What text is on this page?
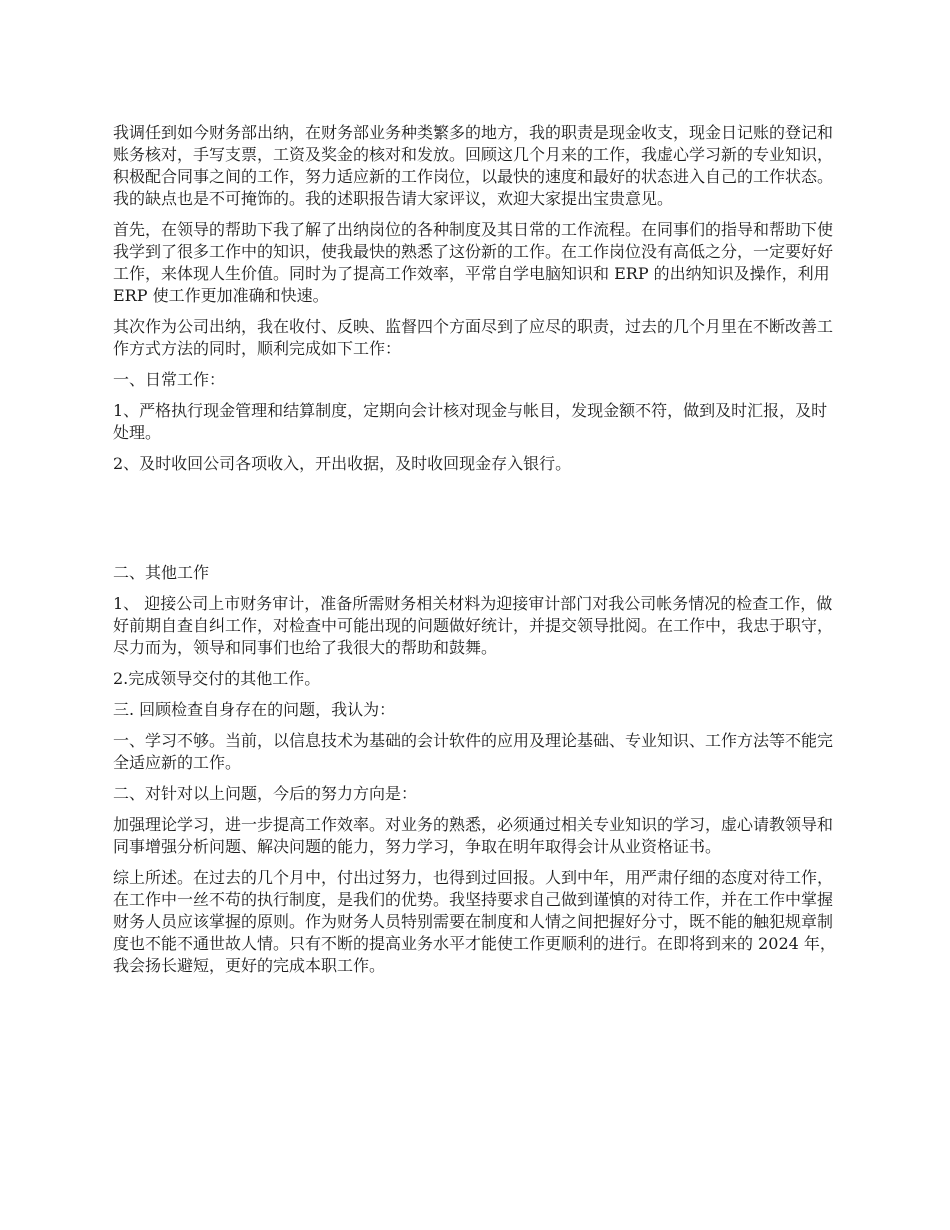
我调任到如今财务部出纳，在财务部业务种类繁多的地方，我的职责是现金收支，现金日记账的登记和账务核对，手写支票，工资及奖金的核对和发放。回顾这几个月来的工作，我虚心学习新的专业知识，积极配合同事之间的工作，努力适应新的工作岗位，以最快的速度和最好的状态进入自己的工作状态。我的缺点也是不可掩饰的。我的述职报告请大家评议，欢迎大家提出宝贵意见。

首先，在领导的帮助下我了解了出纳岗位的各种制度及其日常的工作流程。在同事们的指导和帮助下使我学到了很多工作中的知识，使我最快的熟悉了这份新的工作。在工作岗位没有高低之分，一定要好好工作，来体现人生价值。同时为了提高工作效率，平常自学电脑知识和 ERP 的出纳知识及操作，利用 ERP 使工作更加准确和快速。

其次作为公司出纳，我在收付、反映、监督四个方面尽到了应尽的职责，过去的几个月里在不断改善工作方式方法的同时，顺利完成如下工作：

一、日常工作：

1、严格执行现金管理和结算制度，定期向会计核对现金与帐目，发现金额不符，做到及时汇报，及时处理。

2、及时收回公司各项收入，开出收据，及时收回现金存入银行。

二、其他工作

1、 迎接公司上市财务审计，准备所需财务相关材料为迎接审计部门对我公司帐务情况的检查工作，做好前期自查自纠工作，对检查中可能出现的问题做好统计，并提交领导批阅。在工作中，我忠于职守，尽力而为，领导和同事们也给了我很大的帮助和鼓舞。

2.完成领导交付的其他工作。

三. 回顾检查自身存在的问题，我认为：

一、学习不够。当前，以信息技术为基础的会计软件的应用及理论基础、专业知识、工作方法等不能完全适应新的工作。

二、对针对以上问题，今后的努力方向是：

加强理论学习，进一步提高工作效率。对业务的熟悉，必须通过相关专业知识的学习，虚心请教领导和同事增强分析问题、解决问题的能力，努力学习，争取在明年取得会计从业资格证书。

综上所述。在过去的几个月中，付出过努力，也得到过回报。人到中年，用严肃仔细的态度对待工作，在工作中一丝不苟的执行制度，是我们的优势。我坚持要求自己做到谨慎的对待工作，并在工作中掌握财务人员应该掌握的原则。作为财务人员特别需要在制度和人情之间把握好分寸，既不能的触犯规章制度也不能不通世故人情。只有不断的提高业务水平才能使工作更顺利的进行。在即将到来的 2024 年，我会扬长避短，更好的完成本职工作。
